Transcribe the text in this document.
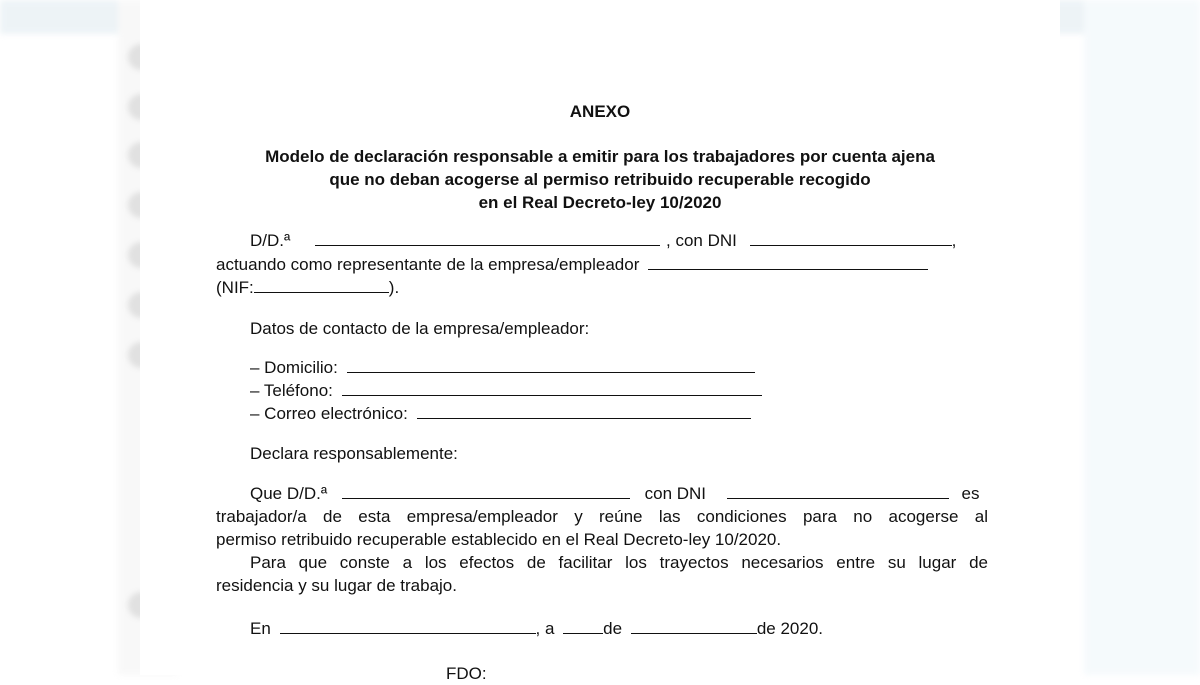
ANEXO
Modelo de declaración responsable a emitir para los trabajadores por cuenta ajena
que no deban acogerse al permiso retribuido recuperable recogido
en el Real Decreto-ley 10/2020
D/D.ª	, con DNI	,
actuando como representante de la empresa/empleador
(NIF:	).
Datos de contacto de la empresa/empleador:
– Domicilio:
– Teléfono:
– Correo electrónico:
Declara responsablemente:
Que D/D.ª	con DNI	es
trabajador/a de esta empresa/empleador y reúne las condiciones para no acogerse al
permiso retribuido recuperable establecido en el Real Decreto-ley 10/2020.
Para que conste a los efectos de facilitar los trayectos necesarios entre su lugar de
residencia y su lugar de trabajo.
En	, a	de	de 2020.
FDO:
